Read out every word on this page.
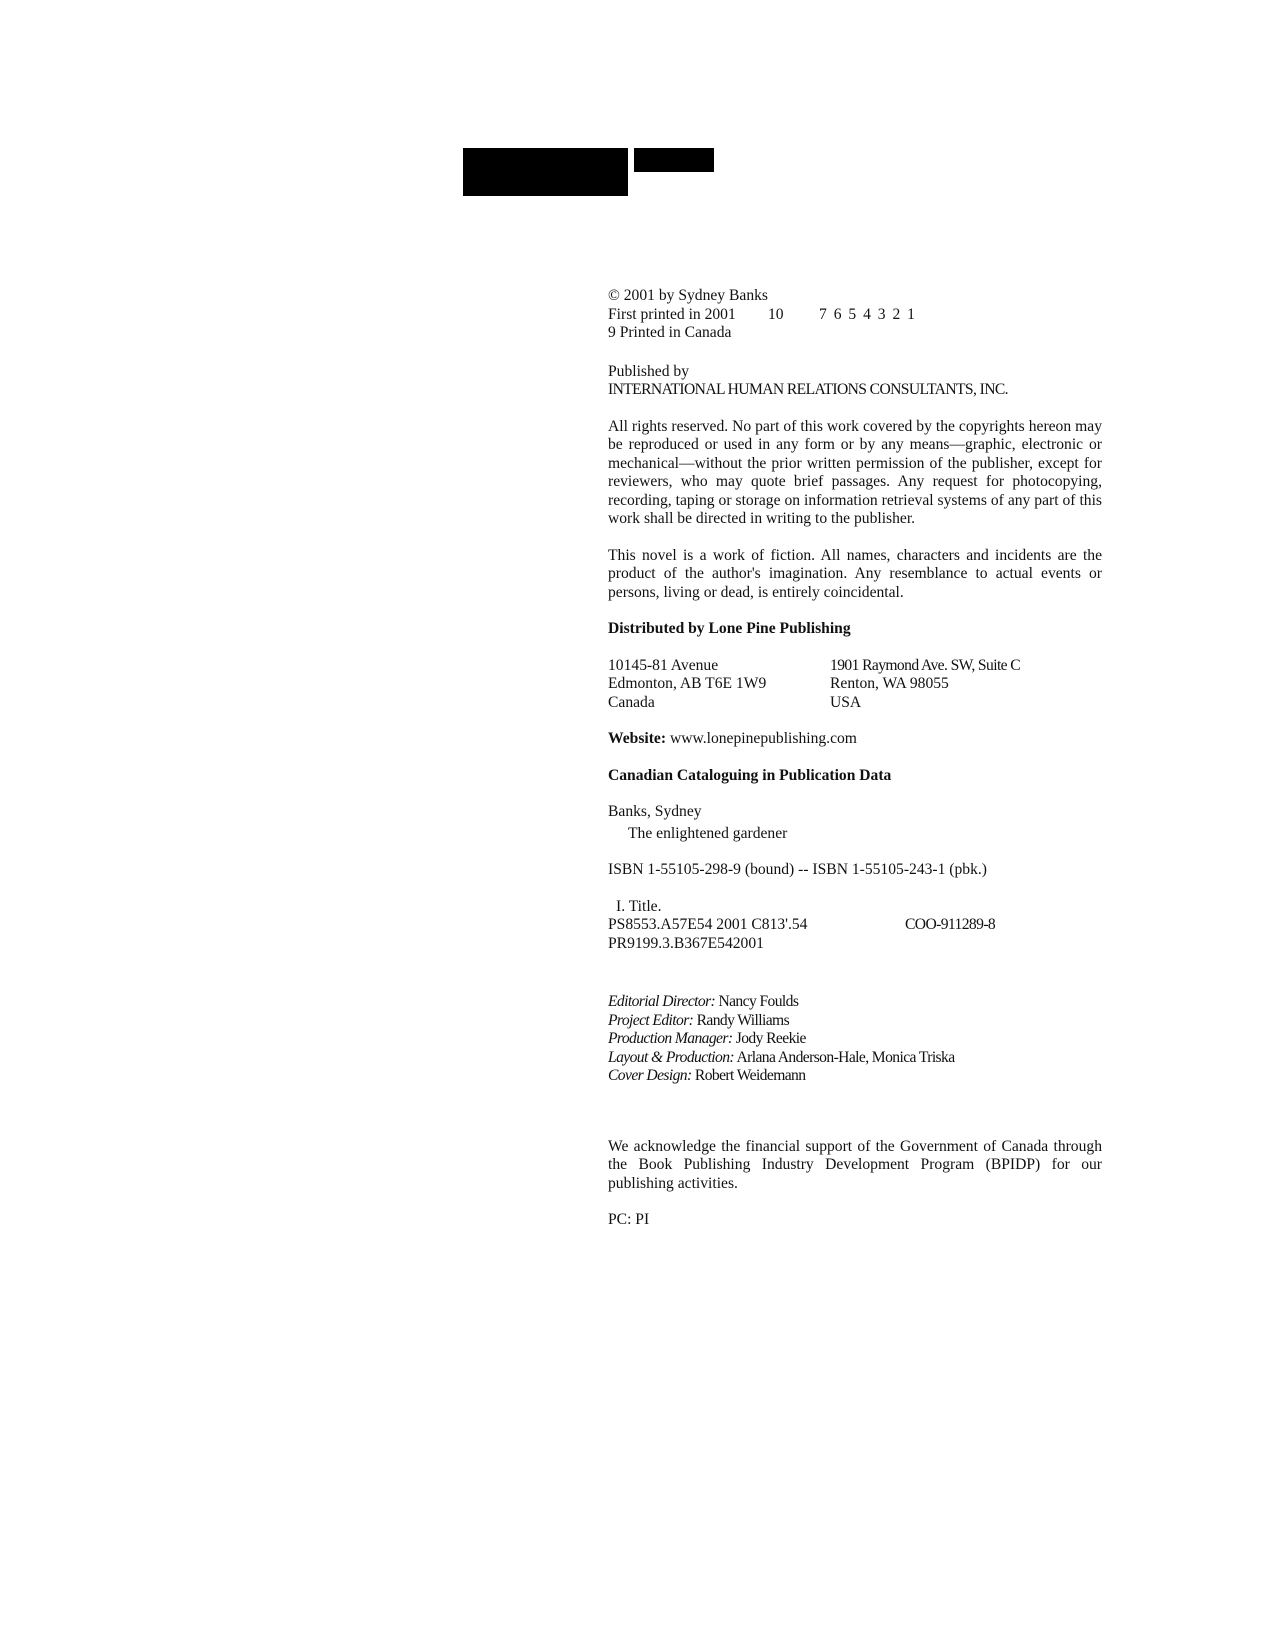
© 2001 by Sydney Banks

First printed in 2001 10 7 6 5 4 3 2 1

9 Printed in Canada

Published by

INTERNATIONAL HUMAN RELATIONS CONSULTANTS, INC.

All rights reserved. No part of this work covered by the copyrights hereon may be reproduced or used in any form or by any means—graphic, electronic or mechanical—without the prior written permission of the publisher, except for reviewers, who may quote brief passages. Any request for photocopying, recording, taping or storage on information retrieval systems of any part of this work shall be directed in writing to the publisher.

This novel is a work of fiction. All names, characters and incidents are the product of the author's imagination. Any resemblance to actual events or persons, living or dead, is entirely coincidental.

Distributed by Lone Pine Publishing

10145-81 Avenue

Edmonton, AB T6E 1W9

Canada

1901 Raymond Ave. SW, Suite C

Renton, WA 98055

USA

Website: www.lonepinepublishing.com

Canadian Cataloguing in Publication Data

Banks, Sydney

The enlightened gardener

ISBN 1-55105-298-9 (bound) -- ISBN 1-55105-243-1 (pbk.)

I. Title.

PS8553.A57E54 2001 C813'.54	COO-911289-8

PR9199.3.B367E542001

Editorial Director: Nancy Foulds

Project Editor: Randy Williams

Production Manager: Jody Reekie

Layout & Production: Arlana Anderson-Hale, Monica Triska

Cover Design: Robert Weidemann

We acknowledge the financial support of the Government of Canada through the Book Publishing Industry Development Program (BPIDP) for our publishing activities.

PC: PI
